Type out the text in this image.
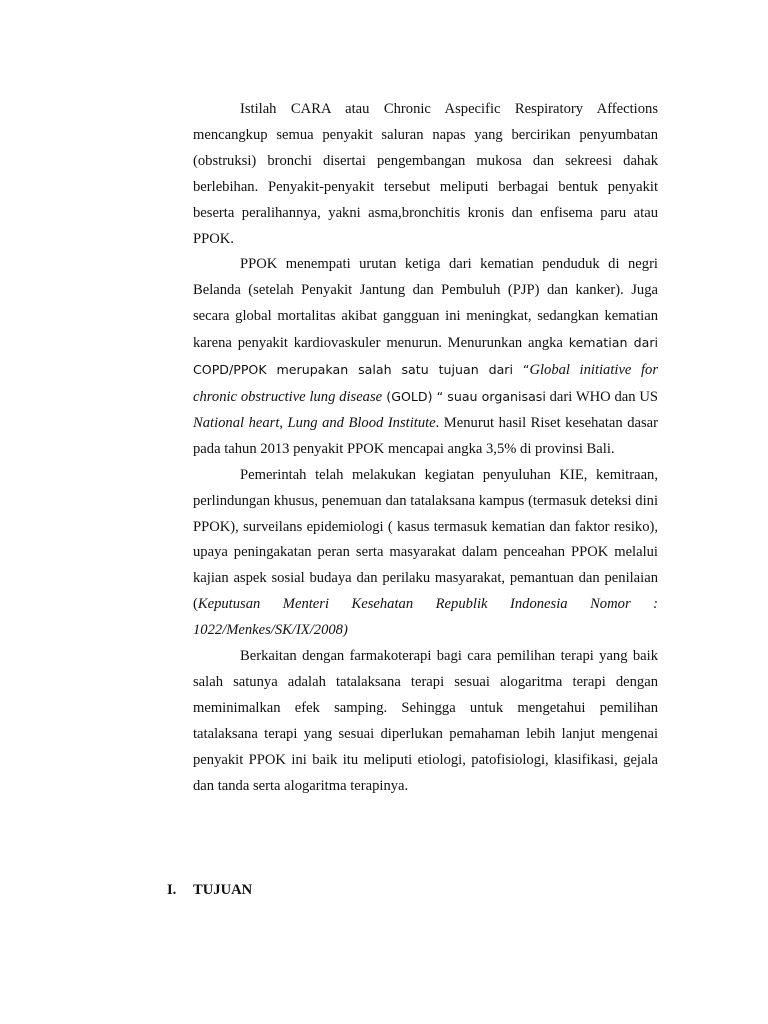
Istilah CARA atau Chronic Aspecific Respiratory Affections mencangkup semua penyakit saluran napas yang bercirikan penyumbatan (obstruksi) bronchi disertai pengembangan mukosa dan sekreesi dahak berlebihan. Penyakit-penyakit tersebut meliputi berbagai bentuk penyakit beserta peralihannya, yakni asma,bronchitis kronis dan enfisema paru atau PPOK.

PPOK menempati urutan ketiga dari kematian penduduk di negri Belanda (setelah Penyakit Jantung dan Pembuluh (PJP) dan kanker). Juga secara global mortalitas akibat gangguan ini meningkat, sedangkan kematian karena penyakit kardiovaskuler menurun. Menurunkan angka kematian dari COPD/PPOK merupakan salah satu tujuan dari “Global initiative for chronic obstructive lung disease (GOLD) “ suau organisasi dari WHO dan US National heart, Lung and Blood Institute. Menurut hasil Riset kesehatan dasar pada tahun 2013 penyakit PPOK mencapai angka 3,5% di provinsi Bali.

Pemerintah telah melakukan kegiatan penyuluhan KIE, kemitraan, perlindungan khusus, penemuan dan tatalaksana kampus (termasuk deteksi dini PPOK), surveilans epidemiologi ( kasus termasuk kematian dan faktor resiko), upaya peningakatan peran serta masyarakat dalam penceahan PPOK melalui kajian aspek sosial budaya dan perilaku masyarakat, pemantuan dan penilaian (Keputusan Menteri Kesehatan Republik Indonesia Nomor : 1022/Menkes/SK/IX/2008)

Berkaitan dengan farmakoterapi bagi cara pemilihan terapi yang baik salah satunya adalah tatalaksana terapi sesuai alogaritma terapi dengan meminimalkan efek samping. Sehingga untuk mengetahui pemilihan tatalaksana terapi yang sesuai diperlukan pemahaman lebih lanjut mengenai penyakit PPOK ini baik itu meliputi etiologi, patofisiologi, klasifikasi, gejala dan tanda serta alogaritma terapinya.

I. TUJUAN
